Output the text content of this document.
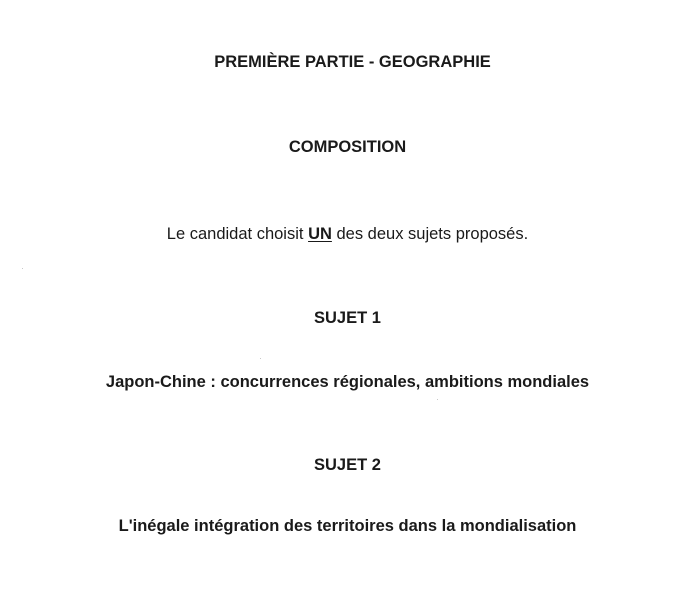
PREMIÈRE PARTIE - GEOGRAPHIE
COMPOSITION
Le candidat choisit UN des deux sujets proposés.
SUJET 1
Japon-Chine : concurrences régionales, ambitions mondiales
SUJET 2
L'inégale intégration des territoires dans la mondialisation
